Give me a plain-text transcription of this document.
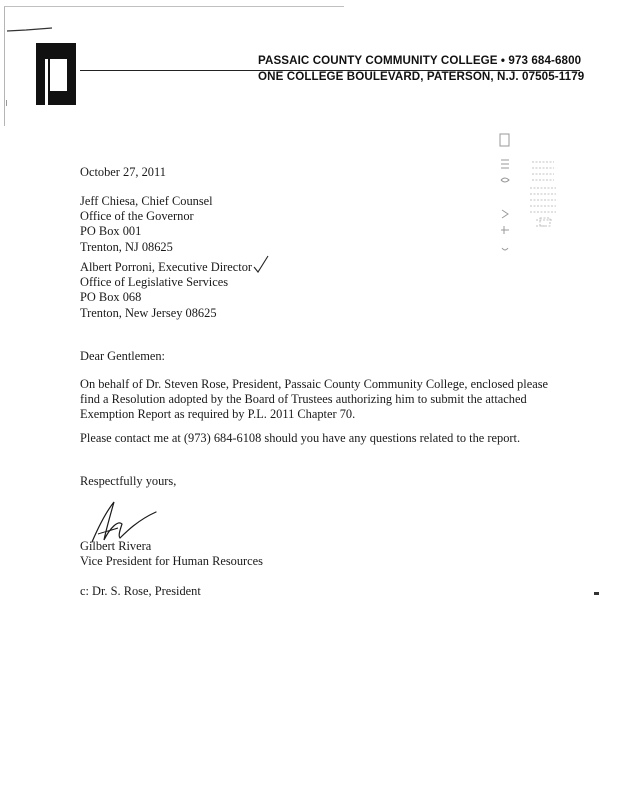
PASSAIC COUNTY COMMUNITY COLLEGE • 973 684-6800
ONE COLLEGE BOULEVARD, PATERSON, N.J. 07505-1179
October 27, 2011
Jeff Chiesa, Chief Counsel
Office of the Governor
PO Box 001
Trenton, NJ 08625
Albert Porroni, Executive Director
Office of Legislative Services
PO Box 068
Trenton, New Jersey 08625
Dear Gentlemen:
On behalf of Dr. Steven Rose, President, Passaic County Community College, enclosed please
find a Resolution adopted by the Board of Trustees authorizing him to submit the attached
Exemption Report as required by P.L. 2011 Chapter 70.
Please contact me at (973) 684-6108 should you have any questions related to the report.
Respectfully yours,
Gilbert Rivera
Vice President for Human Resources
c: Dr. S. Rose, President
